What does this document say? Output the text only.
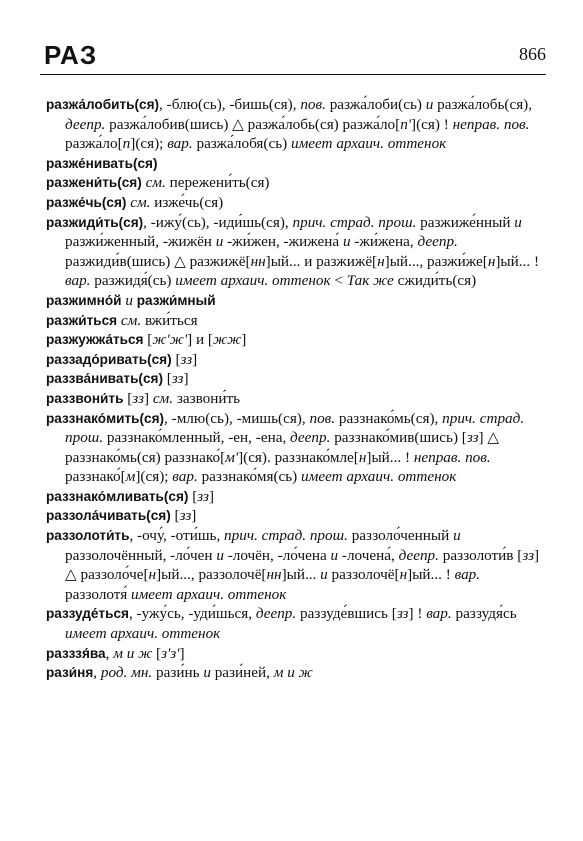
РАЗ	866
разжа́лобить(ся), -блю(сь), -бишь(ся), пов. разжа́лоби(сь) и разжа́лобь(ся), деепр. разжа́лобив(шись) △ разжа́лобь(ся) разжа́ло[п'](ся) ! неправ. пов. разжа́ло[п](ся); вар. разжа́лобя(сь) имеет архаич. оттенок
разже́нивать(ся)
разжени́ть(ся) см. пережени́ть(ся)
разже́чь(ся) см. изже́чь(ся)
разжиди́ть(ся), -ижу́(сь), -иди́шь(ся), прич. страд. прош. разжиже́нный и разжи́женный, -жижён и -жи́жен, -жижена́ и -жи́жена, деепр. разжиди́в(шись) △ разжижё[нн]ый... и разжижё[н]ый..., разжи́же[н]ый... ! вар. разжидя́(сь) имеет архаич. оттенок < Так же сжиди́ть(ся)
разжимно́й и разжи́мный
разжи́ться см. вжи́ться
разжужжа́ться [ж'ж'] и [жж]
раззадо́ривать(ся) [зз]
раззва́нивать(ся) [зз]
раззвони́ть [зз] см. зазвони́ть
раззнако́мить(ся), -млю(сь), -мишь(ся), пов. раззнако́мь(ся), прич. страд. прош. раззнако́мленный, -ен, -ена, деепр. раззнако́мив(шись) [зз] △ раззнако́мь(ся) раззнако́[м'](ся). раззнако́мле[н]ый... ! неправ. пов. раззнако́[м](ся); вар. раззнако́мя(сь) имеет архаич. оттенок
раззнако́мливать(ся) [зз]
раззола́чивать(ся) [зз]
раззолоти́ть, -очу́, -оти́шь, прич. страд. прош. раззоло́ченный и раззолочённый, -ло́чен и -лочён, -ло́чена и -лочена́, деепр. раззолоти́в [зз] △ раззоло́че[н]ый..., раззолочё[нн]ый... и раззолочё[н]ый... ! вар. раззолотя́ имеет архаич. оттенок
раззуде́ться, -ужу́сь, -уди́шься, деепр. раззуде́вшись [зз] ! вар. раззудя́сь имеет архаич. оттенок
разззя́ва, м и ж [з'з']
рази́ня, род. мн. рази́нь и рази́ней, м и ж
